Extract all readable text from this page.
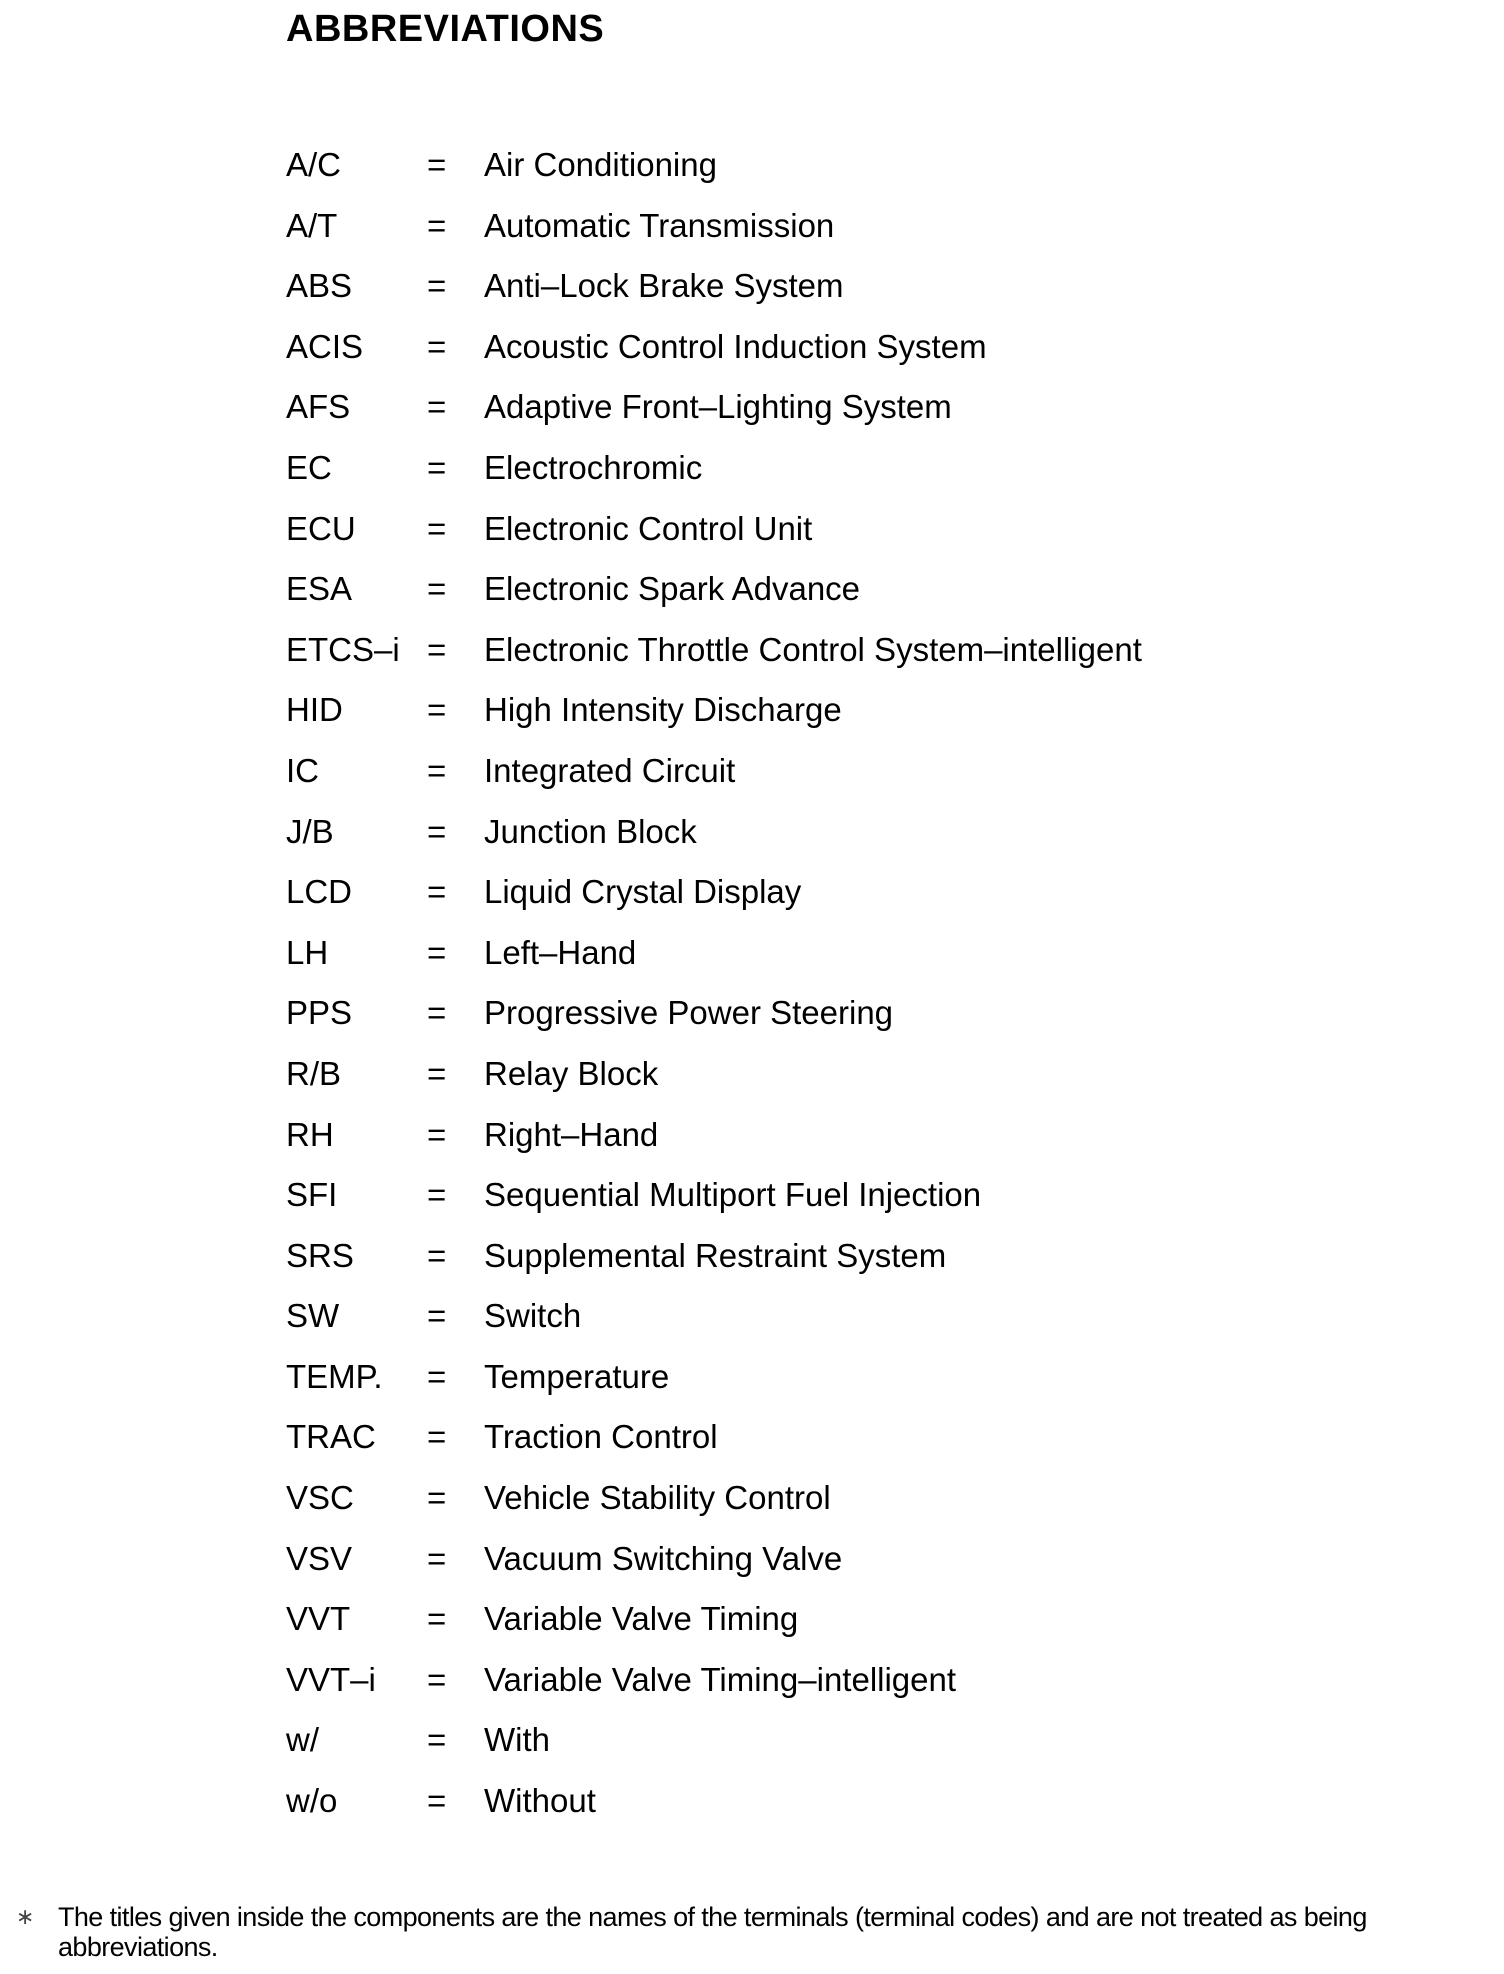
ABBREVIATIONS
A/C	= Air Conditioning
A/T	= Automatic Transmission
ABS = Anti–Lock Brake System
ACIS = Acoustic Control Induction System
AFS = Adaptive Front–Lighting System
EC	= Electrochromic
ECU = Electronic Control Unit
ESA = Electronic Spark Advance
ETCS–i = Electronic Throttle Control System–intelligent
HID	= High Intensity Discharge
IC	= Integrated Circuit
J/B	= Junction Block
LCD = Liquid Crystal Display
LH	= Left–Hand
PPS = Progressive Power Steering
R/B	= Relay Block
RH	= Right–Hand
SFI	= Sequential Multiport Fuel Injection
SRS = Supplemental Restraint System
SW	= Switch
TEMP. = Temperature
TRAC = Traction Control
VSC = Vehicle Stability Control
VSV = Vacuum Switching Valve
VVT = Variable Valve Timing
VVT–i = Variable Valve Timing–intelligent
w/	= With
w/o	= Without
∗ The titles given inside the components are the names of the terminals (terminal codes) and are not treated as being abbreviations.
